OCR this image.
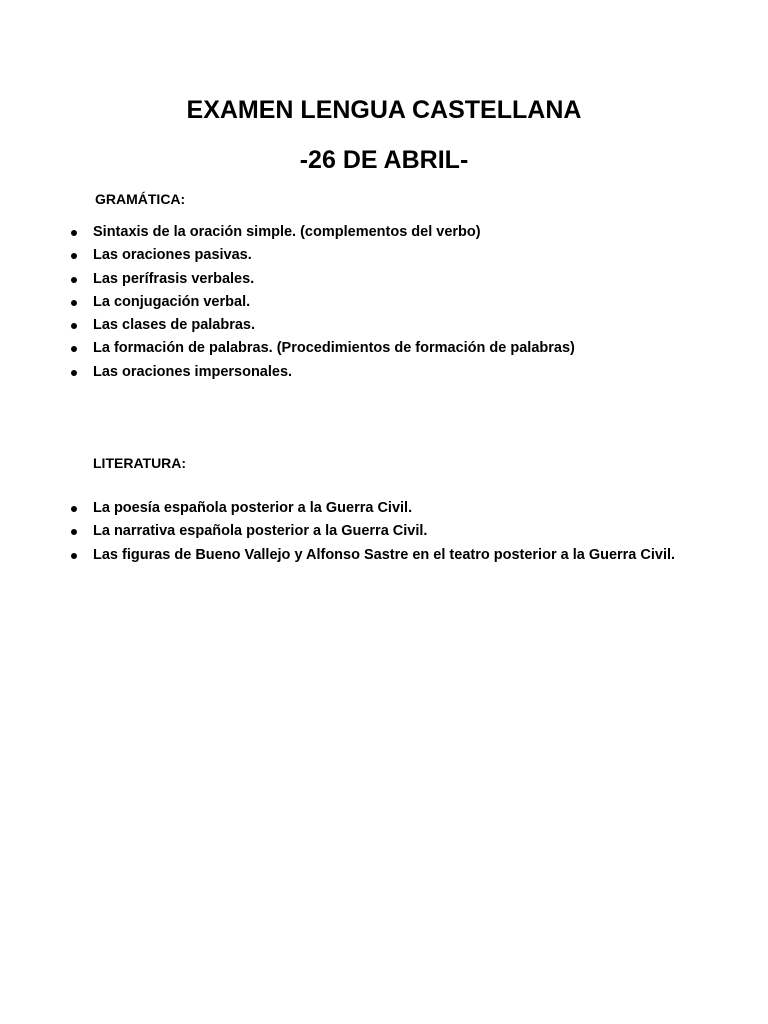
EXAMEN LENGUA CASTELLANA
-26 DE ABRIL-
GRAMÁTICA:
Sintaxis de la oración simple. (complementos del verbo)
Las oraciones pasivas.
Las perífrasis verbales.
La conjugación verbal.
Las clases de palabras.
La formación de palabras. (Procedimientos de formación de palabras)
Las oraciones impersonales.
LITERATURA:
La poesía española posterior a la Guerra Civil.
La narrativa española posterior a la Guerra Civil.
Las figuras de Bueno Vallejo y Alfonso Sastre en el teatro posterior a la Guerra Civil.
